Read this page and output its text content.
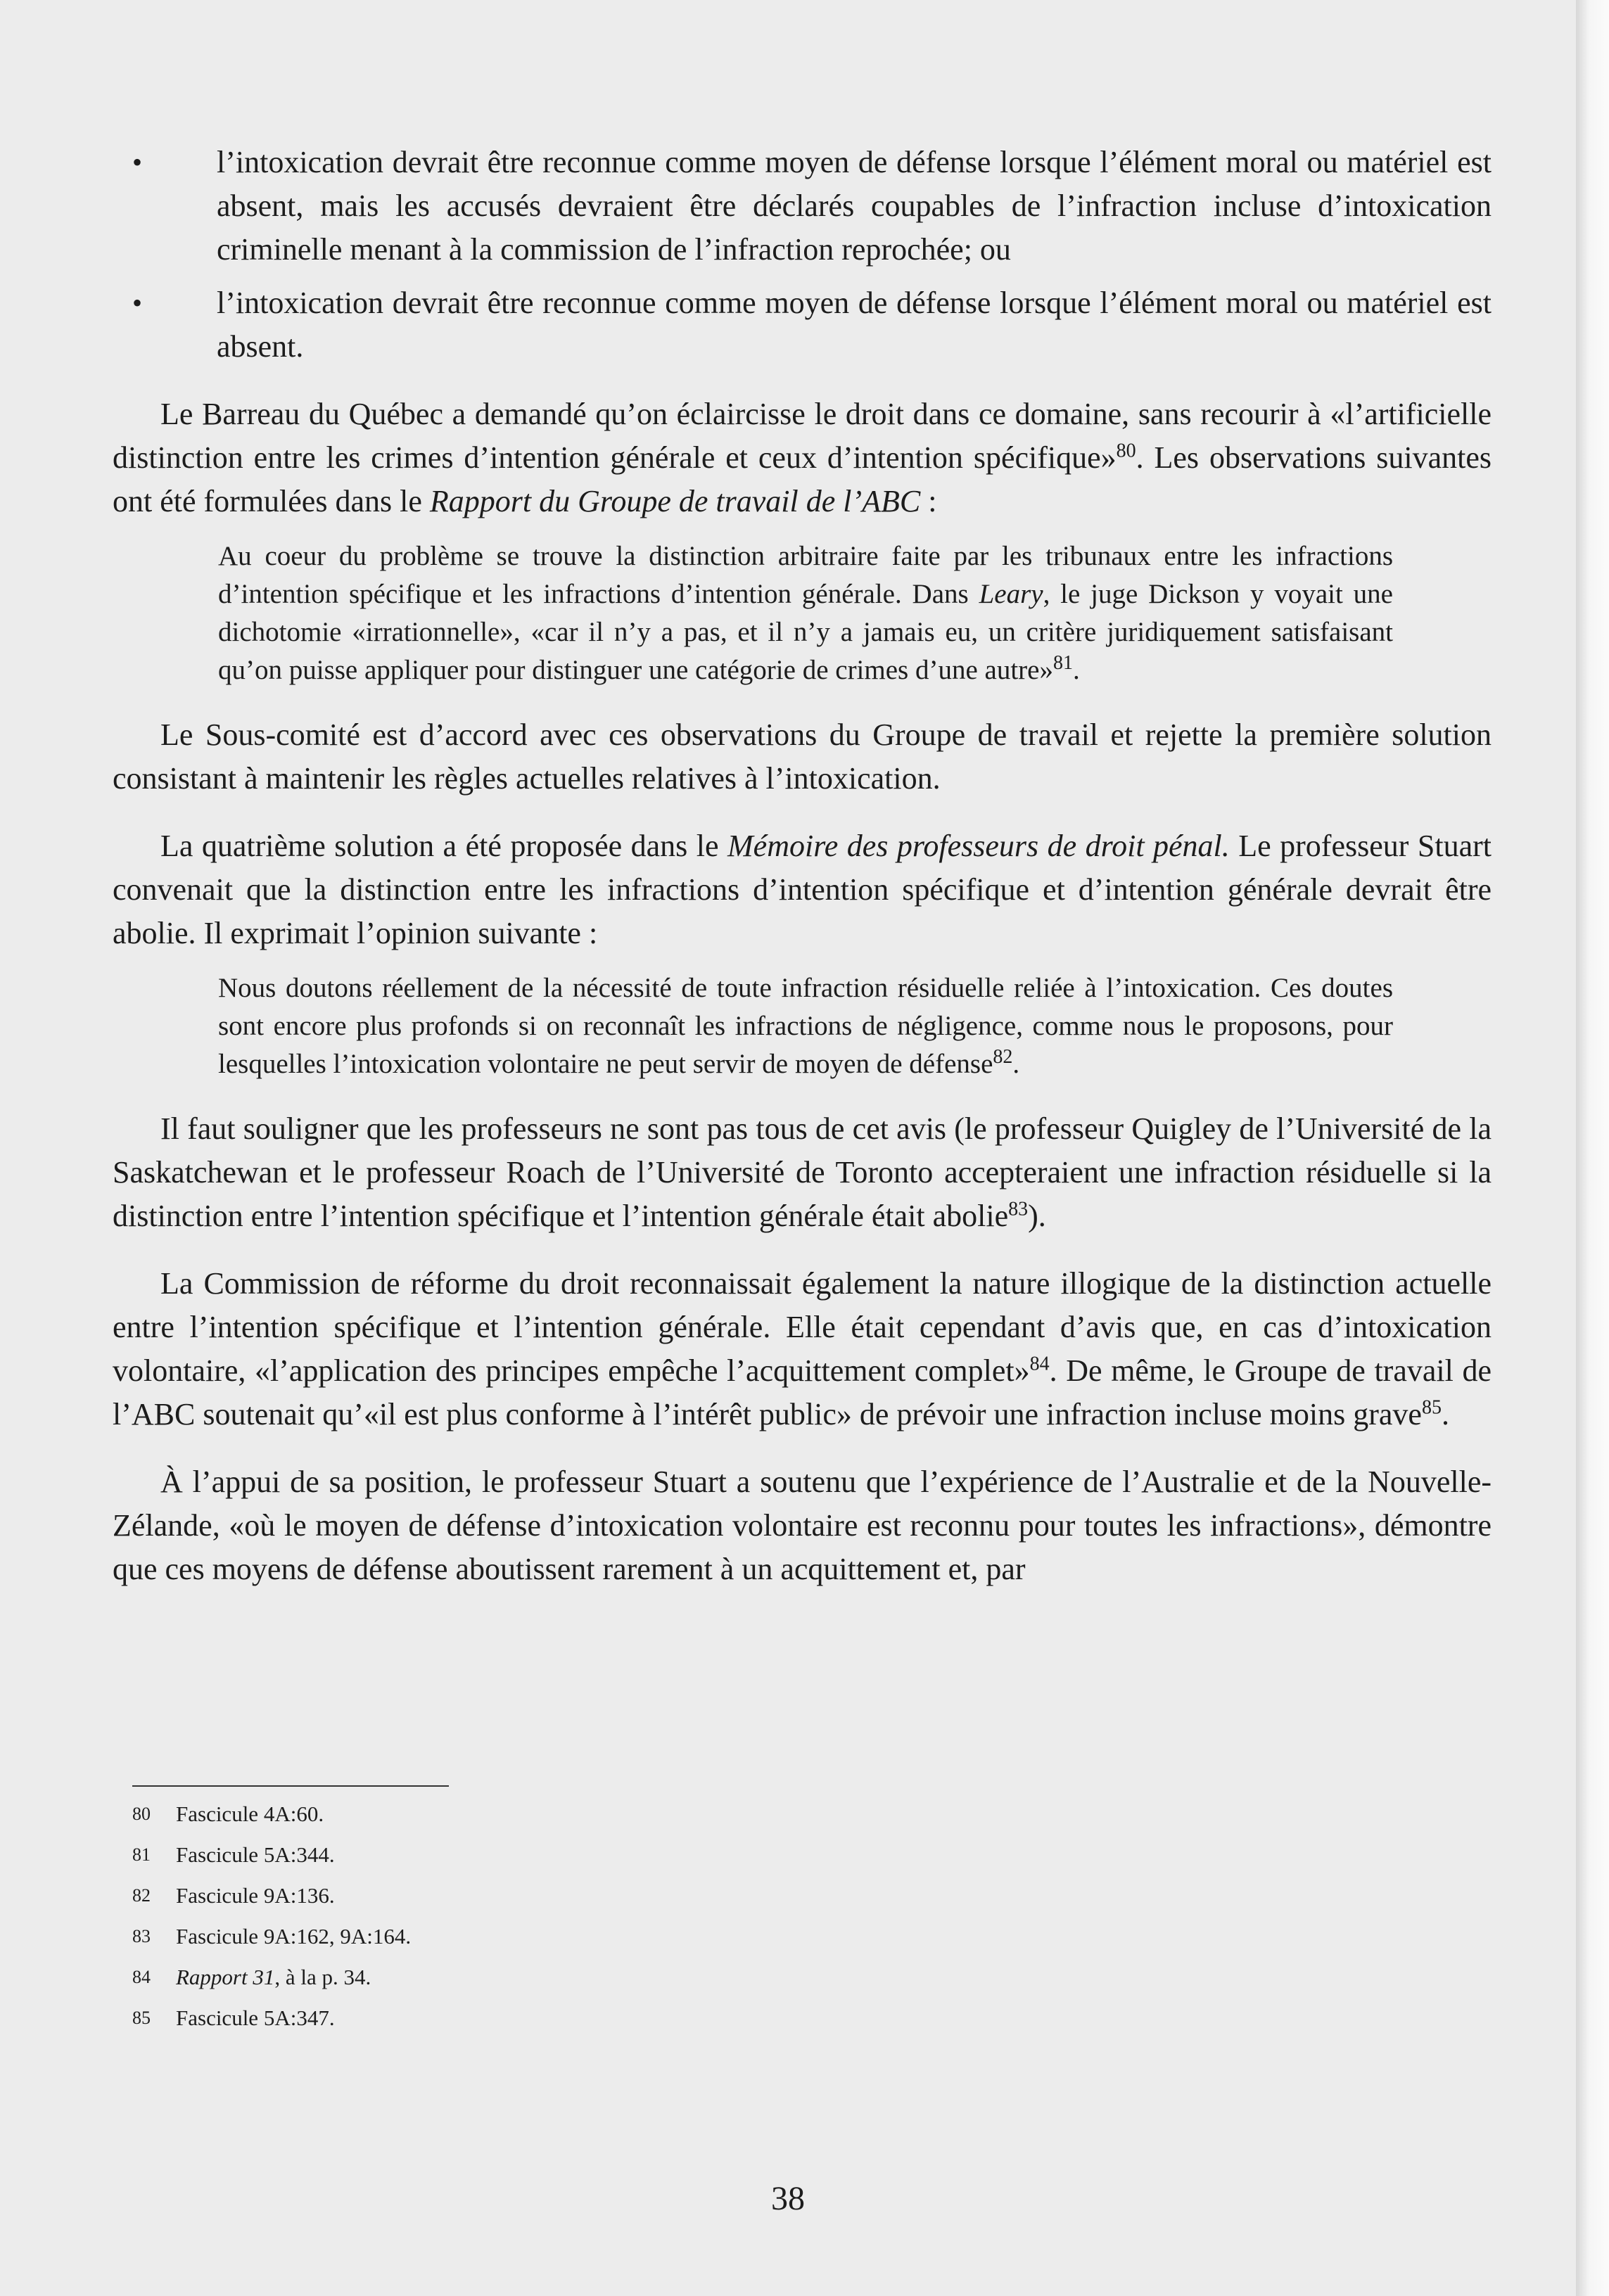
•	l’intoxication devrait être reconnue comme moyen de défense lorsque l’élément moral ou matériel est absent, mais les accusés devraient être déclarés coupables de l’infraction incluse d’intoxication criminelle menant à la commission de l’infraction reprochée; ou
•	l’intoxication devrait être reconnue comme moyen de défense lorsque l’élément moral ou matériel est absent.

Le Barreau du Québec a demandé qu’on éclaircisse le droit dans ce domaine, sans recourir à «l’artificielle distinction entre les crimes d’intention générale et ceux d’intention spécifique»$^{80}$. Les observations suivantes ont été formulées dans le Rapport du Groupe de travail de l’ABC :

Au coeur du problème se trouve la distinction arbitraire faite par les tribunaux entre les infractions d’intention spécifique et les infractions d’intention générale. Dans Leary, le juge Dickson y voyait une dichotomie «irrationnelle», «car il n’y a pas, et il n’y a jamais eu, un critère juridiquement satisfaisant qu’on puisse appliquer pour distinguer une catégorie de crimes d’une autre»$^{81}$.

Le Sous-comité est d’accord avec ces observations du Groupe de travail et rejette la première solution consistant à maintenir les règles actuelles relatives à l’intoxication.

La quatrième solution a été proposée dans le Mémoire des professeurs de droit pénal. Le professeur Stuart convenait que la distinction entre les infractions d’intention spécifique et d’intention générale devrait être abolie. Il exprimait l’opinion suivante :

Nous doutons réellement de la nécessité de toute infraction résiduelle reliée à l’intoxication. Ces doutes sont encore plus profonds si on reconnaît les infractions de négligence, comme nous le proposons, pour lesquelles l’intoxication volontaire ne peut servir de moyen de défense$^{82}$.

Il faut souligner que les professeurs ne sont pas tous de cet avis (le professeur Quigley de l’Université de la Saskatchewan et le professeur Roach de l’Université de Toronto accepteraient une infraction résiduelle si la distinction entre l’intention spécifique et l’intention générale était abolie$^{83}$).

La Commission de réforme du droit reconnaissait également la nature illogique de la distinction actuelle entre l’intention spécifique et l’intention générale. Elle était cependant d’avis que, en cas d’intoxication volontaire, «l’application des principes empêche l’acquittement complet»$^{84}$. De même, le Groupe de travail de l’ABC soutenait qu’«il est plus conforme à l’intérêt public» de prévoir une infraction incluse moins grave$^{85}$.

À l’appui de sa position, le professeur Stuart a soutenu que l’expérience de l’Australie et de la Nouvelle-Zélande, «où le moyen de défense d’intoxication volontaire est reconnu pour toutes les infractions», démontre que ces moyens de défense aboutissent rarement à un acquittement et, par

80	Fascicule 4A:60.
81	Fascicule 5A:344.
82	Fascicule 9A:136.
83	Fascicule 9A:162, 9A:164.
84	Rapport 31, à la p. 34.
85	Fascicule 5A:347.
38
